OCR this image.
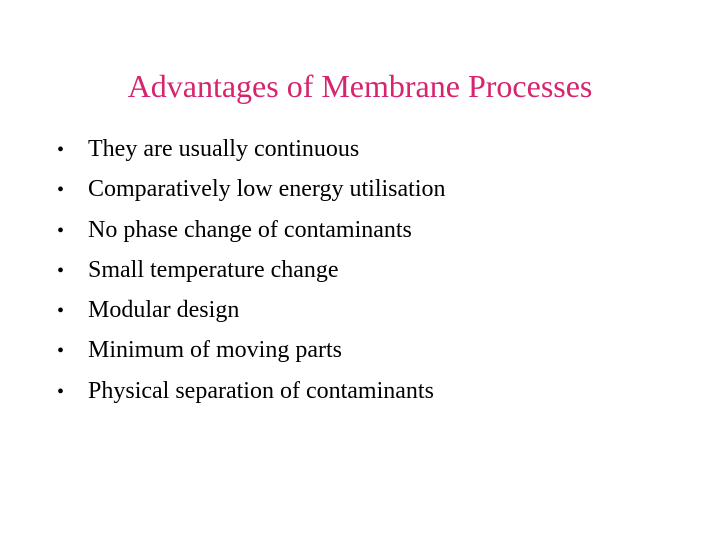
Advantages of Membrane Processes
• They are usually continuous
• Comparatively low energy utilisation
• No phase change of contaminants
• Small temperature change
• Modular design
• Minimum of moving parts
• Physical separation of contaminants
